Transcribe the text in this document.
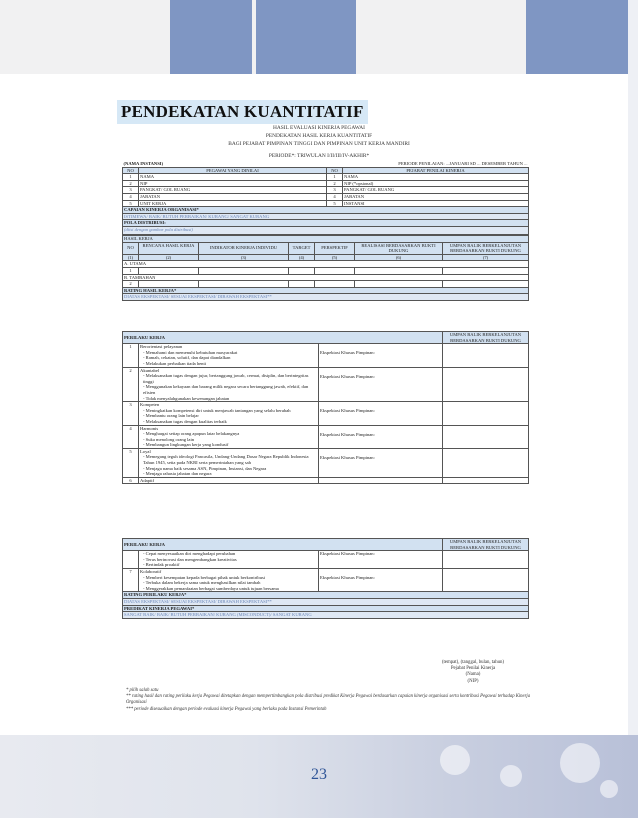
PENDEKATAN KUANTITATIF
HASIL EVALUASI KINERJA PEGAWAI
PENDEKATAN HASIL KERJA KUANTITATIF
BAGI PEJABAT PIMPINAN TINGGI DAN PIMPINAN UNIT KERJA MANDIRI
PERIODE*: TRIWULAN I/II/III/IV-AKHIR*
(NAMA INSTANSI)		PERIODE PENILAIAN: ...JANUARI SD ... DESEMBER TAHUN ...	
NO	PEGAWAI YANG DINILAI	NO	PEJABAT PENILAI KINERJA
1	NAMA	1	NAMA
2	NIP	2	NIP (*opsional)
3	PANGKAT/ GOL RUANG	3	PANGKAT/ GOL RUANG
4	JABATAN	4	JABATAN
5	UNIT KERJA	5	INSTANSI
CAPAIAN KINERJA ORGANISASI*			
ISTIMEWA/ BAIK/ BUTUH PERBAIKAN/ KURANG/ SANGAT KURANG			
POLA DISTRIBUSI:			
(diisi dengan gambar pola distribusi)			
HASIL KERJA						
NO	RENCANA HASIL KERJA	INDIKATOR KINERJA INDIVIDU	TARGET	PERSPEKTIF	REALISASI BERDASARKAN BUKTI DUKUNG	UMPAN BALIK BERKELANJUTAN BERDASARKAN BUKTI DUKUNG
(1)	(2)	(3)	(4)	(5)	(6)	(7)
A. UTAMA						
1						
B. TAMBAHAN						
2						
RATING HASIL KERJA*						
DIATAS EKSPEKTASI/ SESUAI EKSPEKTASI/ DIBAWAH EKSPEKTASI**						
PERILAKU KERJA			UMPAN BALIK BERKELANJUTAN BERDASARKAN BUKTI DUKUNG
1	Berorientasi pelayanan
- Memahami dan memenuhi kebutuhan masyarakat
- Ramah, cekatan, solutif, dan dapat diandalkan
- Melakukan perbaikan tiada henti	Ekspektasi Khusus Pimpinan:	
2	Akuntabel
- Melaksanakan tugas dengan jujur, bertanggung jawab, cermat, disiplin, dan berintegritas tinggi
- Menggunakan kekayaan dan barang milik negara secara bertanggung jawab, efektif, dan efisien
- Tidak menyalahgunakan kewenangan jabatan	Ekspektasi Khusus Pimpinan:	
3	Kompeten
- Meningkatkan kompetensi diri untuk menjawab tantangan yang selalu berubah
- Membantu orang lain belajar
- Melaksanakan tugas dengan kualitas terbaik	Ekspektasi Khusus Pimpinan:	
4	Harmonis
- Menghargai setiap orang apapun latar belakangnya
- Suka menolong orang lain
- Membangun lingkungan kerja yang kondusif	Ekspektasi Khusus Pimpinan:	
5	Loyal
- Memegang teguh ideologi Pancasila, Undang-Undang Dasar Negara Republik Indonesia Tahun 1945, setia pada NKRI serta pemerintahan yang sah
- Menjaga nama baik sesama ASN, Pimpinan, Instansi, dan Negara
- Menjaga rahasia jabatan dan negara	Ekspektasi Khusus Pimpinan:	
6	Adaptif		
PERILAKU KERJA			UMPAN BALIK BERKELANJUTAN BERDASARKAN BUKTI DUKUNG

	- Cepat menyesuaikan diri menghadapi perubahan
- Terus berinovasi dan mengembangkan kreativitas
- Bertindak proaktif	Ekspektasi Khusus Pimpinan:	
7	Kolaboratif
- Memberi kesempatan kepada berbagai pihak untuk berkontribusi
- Terbuka dalam bekerja sama untuk menghasilkan nilai tambah
- Menggerakkan pemanfaatan berbagai sumberdaya untuk tujuan bersama	Ekspektasi Khusus Pimpinan:	
RATING PERILAKU KERJA*			
DIATAS EKSPEKTASI/ SESUAI EKSPEKTASI/ DIBAWAH EKSPEKTASI**			
PREDIKAT KINERJA PEGAWAI*			
SANGAT BAIK/ BAIK/ BUTUH PERBAIKAN/ KURANG (MISCONDUCT)/ SANGAT KURANG			
(tempat), (tanggal, bulan, tahun)
Pejabat Penilai Kinerja
(Nama)
(NIP)
* pilih salah satu
** rating hasil dan rating perilaku kerja Pegawai ditetapkan dengan mempertimbangkan pola distribusi predikat Kinerja Pegawai berdasarkan capaian kinerja organisasi serta kontribusi Pegawai terhadap Kinerja Organisasi
*** periode disesuaikan dengan periode evaluasi kinerja Pegawai yang berlaku pada Instansi Pemerintah
23
